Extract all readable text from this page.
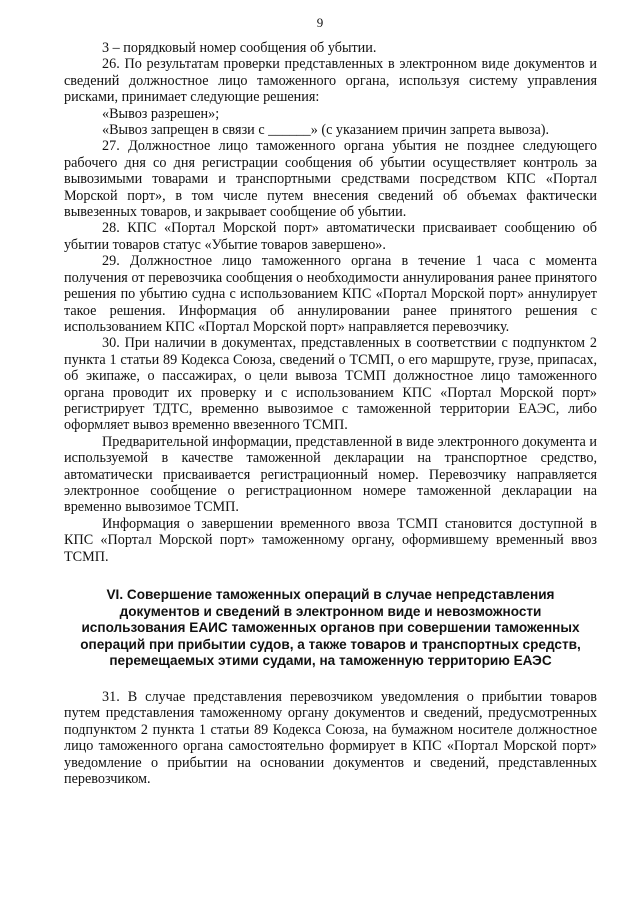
9

3 – порядковый номер сообщения об убытии.

26. По результатам проверки представленных в электронном виде документов и сведений должностное лицо таможенного органа, используя систему управления рисками, принимает следующие решения:

«Вывоз разрешен»;

«Вывоз запрещен в связи с ______» (с указанием причин запрета вывоза).

27. Должностное лицо таможенного органа убытия не позднее следующего рабочего дня со дня регистрации сообщения об убытии осуществляет контроль за вывозимыми товарами и транспортными средствами посредством КПС «Портал Морской порт», в том числе путем внесения сведений об объемах фактически вывезенных товаров, и закрывает сообщение об убытии.

28. КПС «Портал Морской порт» автоматически присваивает сообщению об убытии товаров статус «Убытие товаров завершено».

29. Должностное лицо таможенного органа в течение 1 часа с момента получения от перевозчика сообщения о необходимости аннулирования ранее принятого решения по убытию судна с использованием КПС «Портал Морской порт» аннулирует такое решения. Информация об аннулировании ранее принятого решения с использованием КПС «Портал Морской порт» направляется перевозчику.

30. При наличии в документах, представленных в соответствии с подпунктом 2 пункта 1 статьи 89 Кодекса Союза, сведений о ТСМП, о его маршруте, грузе, припасах, об экипаже, о пассажирах, о цели вывоза ТСМП должностное лицо таможенного органа проводит их проверку и с использованием КПС «Портал Морской порт» регистрирует ТДТС, временно вывозимое с таможенной территории ЕАЭС, либо оформляет вывоз временно ввезенного ТСМП.

Предварительной информации, представленной в виде электронного документа и используемой в качестве таможенной декларации на транспортное средство, автоматически присваивается регистрационный номер. Перевозчику направляется электронное сообщение о регистрационном номере таможенной декларации на временно вывозимое ТСМП.

Информация о завершении временного ввоза ТСМП становится доступной в КПС «Портал Морской порт» таможенному органу, оформившему временный ввоз ТСМП.

VI. Совершение таможенных операций в случае непредставления документов и сведений в электронном виде и невозможности использования ЕАИС таможенных органов при совершении таможенных операций при прибытии судов, а также товаров и транспортных средств, перемещаемых этими судами, на таможенную территорию ЕАЭС

31. В случае представления перевозчиком уведомления о прибытии товаров путем представления таможенному органу документов и сведений, предусмотренных подпунктом 2 пункта 1 статьи 89 Кодекса Союза, на бумажном носителе должностное лицо таможенного органа самостоятельно формирует в КПС «Портал Морской порт» уведомление о прибытии на основании документов и сведений, представленных перевозчиком.
